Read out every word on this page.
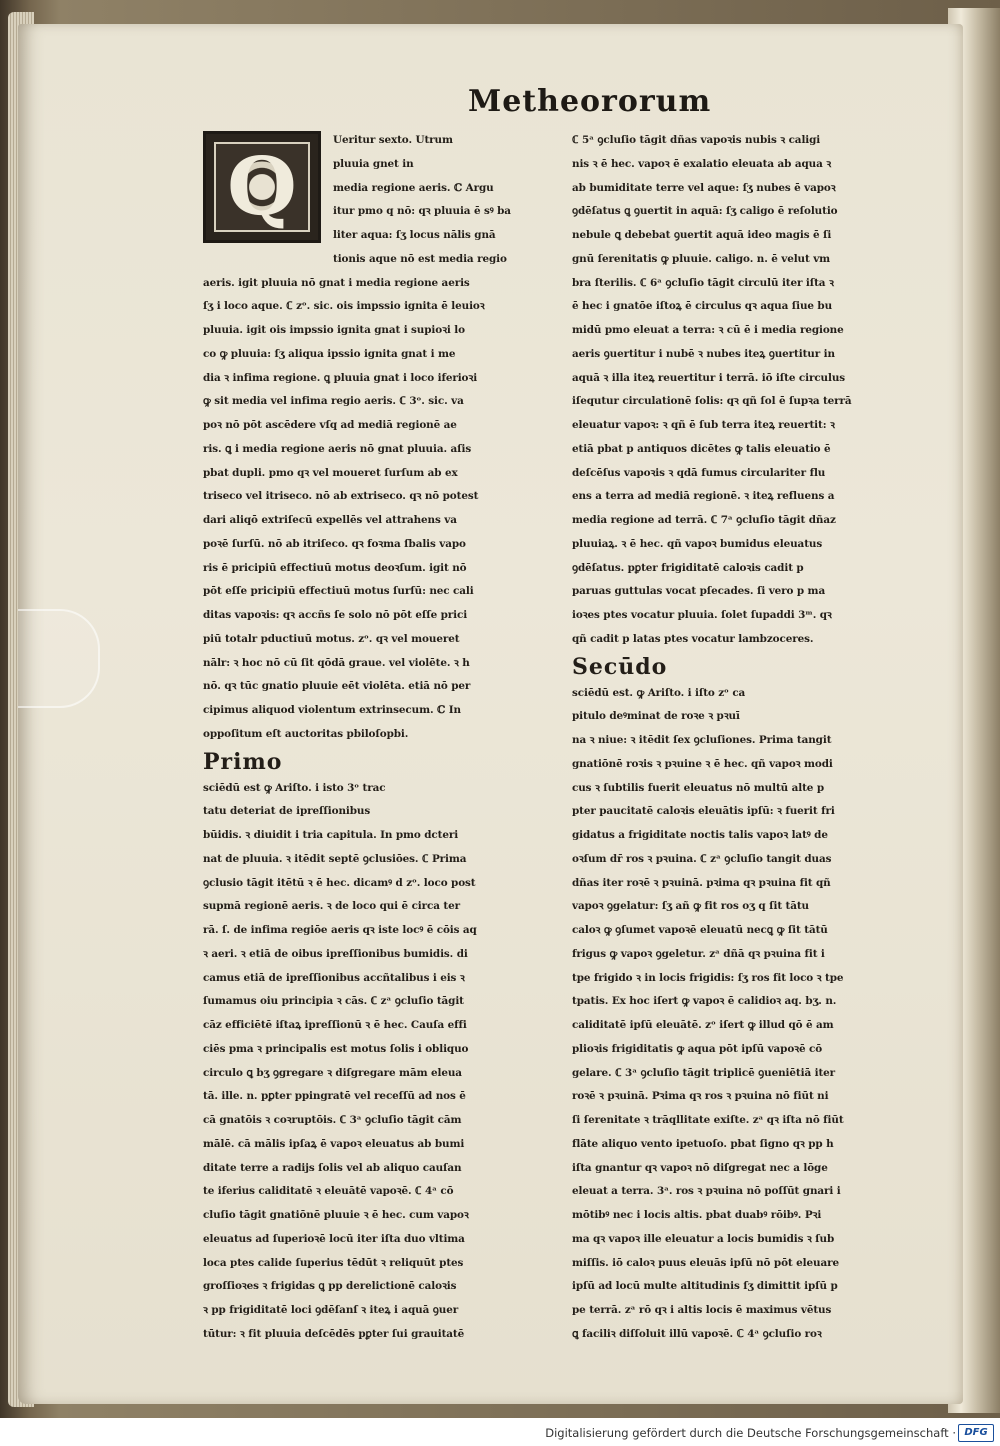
Metheororum
Q	Ueritur sexto. Utrum
pluuia gnet in
media regione aeris. ℂ Argu
itur pmo q nō: qꝛ pluuia ē sꝰ ba
liter aqua: ſʒ locus nālis gnā
tionis aque nō est media regio
aeris. igit pluuia nō gnat i media regione aeris
ſʒ i loco aque. ℂ zᵒ. sic. ois impssio ignita ē leuioꝛ
pluuia. igit ois impssio ignita gnat i supioꝛi lo
co ꝙ pluuia: ſʒ aliqua ipssio ignita gnat i me
dia ꝛ infima regione. ꝗ pluuia gnat i loco iferioꝛi
ꝙ sit media vel infima regio aeris. ℂ 3ᵒ. sic. va
poꝛ nō pōt ascēdere vſq ad mediā regionē ae
ris. ꝗ i media regione aeris nō gnat pluuia. aſis
pbat dupli. pmo qꝛ vel moueret ſurſum ab ex
triseco vel itriseco. nō ab extriseco. qꝛ nō potest
dari aliqō extriſecū expellēs vel attrahens va
poꝛē ſurſū. nō ab itriſeco. qꝛ foꝛma ſbalis vapo
ris ē pricipiū effectiuū motus deoꝛſum. igit nō
pōt eſſe pricipiū effectiuū motus ſurſū: nec cali
ditas vapoꝛis: qꝛ accñs ſe solo nō pōt eſſe prici
piū totalr pductiuū motus. zᵒ. qꝛ vel moueret
nālr: ꝛ hoc nō cū ſit qōdā graue. vel violēte. ꝛ h
nō. qꝛ tūc gnatio pluuie eēt violēta. etiā nō per
cipimus aliquod violentum extrinsecum. ℂ In
oppoſitum eſt auctoritas pbiloſopbi.
Primo
sciēdū est ꝙ Ariſto. i isto 3ᵒ trac
tatu deteriat de ipreſſionibus
būidis. ꝛ diuidit i tria capitula. In pmo dcteri
nat de pluuia. ꝛ itēdit septē ꝯclusiōes. ℂ Prima
ꝯclusio tāgit itētū ꝛ ē hec. dicamꝰ d zᵒ. loco post
supmā regionē aeris. ꝛ de loco qui ē circa ter
rā. ſ. de infima regiōe aeris qꝛ iste locꝰ ē cōis aq
ꝛ aeri. ꝛ etiā de oibus ipreſſionibus bumidis. di
camus etiā de ipreſſionibus accñtalibus i eis ꝛ
ſumamus oiu principia ꝛ cās. ℂ zᵃ ꝯcluſio tāgit
cāz efficiētē iſtaꝝ ipreſſionū ꝛ ē hec. Cauſa effi
ciēs pma ꝛ principalis est motus ſolis i obliquo
circulo ꝗ bʒ ꝯgregare ꝛ diſgregare mām eleua
tā. ille. n. pꝑter ppingratē vel receſſū ad nos ē
cā gnatōis ꝛ coꝛruptōis. ℂ 3ᵃ ꝯcluſio tāgit cām
mālē. cā mālis ipſaꝝ ē vapoꝛ eleuatus ab bumi
ditate terre a radijs ſolis vel ab aliquo cauſan
te iferius caliditatē ꝛ eleuātē vapoꝛē. ℂ 4ᵃ cō
cluſio tāgit gnatiōnē pluuie ꝛ ē hec. cum vapoꝛ
eleuatus ad ſuperioꝛē locū iter iſta duo vltima
loca ptes calide ſuperius tēdūt ꝛ reliquūt ptes
groſſioꝛes ꝛ frigidas ꝗ pp derelictionē caloꝛis
ꝛ pp frigiditatē loci ꝯdēſanſ ꝛ iteꝝ i aquā ꝯuer
tūtur: ꝛ fit pluuia deſcēdēs pꝑter ſui grauitatē
ℂ 5ᵃ ꝯcluſio tāgit dñas vapoꝛis nubis ꝛ caligi
nis ꝛ ē hec. vapoꝛ ē exalatio eleuata ab aqua ꝛ
ab bumiditate terre vel aque: ſʒ nubes ē vapoꝛ
ꝯdēſatus ꝗ ꝯuertit in aquā: ſʒ caligo ē reſolutio
nebule ꝗ debebat ꝯuertit aquā ideo magis ē ſi
gnū ſerenitatis ꝙ pluuie. caligo. n. ē velut vm
bra ſterilis. ℂ 6ᵃ ꝯcluſio tāgit circulū iter iſta ꝛ
ē hec i gnatōe iſtoꝝ ē circulus qꝛ aqua ſiue bu
midū pmo eleuat a terra: ꝛ cū ē i media regione
aeris ꝯuertitur i nubē ꝛ nubes iteꝝ ꝯuertitur in
aquā ꝛ illa iteꝝ reuertitur i terrā. iō iſte circulus
iſequtur circulationē ſolis: qꝛ qñ ſol ē ſupꝛa terrā
eleuatur vapoꝛ: ꝛ qñ ē ſub terra iteꝝ reuertit: ꝛ
etiā pbat p antiquos dicētes ꝙ talis eleuatio ē
deſcēſus vapoꝛis ꝛ qdā fumus circulariter flu
ens a terra ad mediā regionē. ꝛ iteꝝ refluens a
media regione ad terrā. ℂ 7ᵃ ꝯcluſio tāgit dñaz
pluuiaꝝ. ꝛ ē hec. qñ vapoꝛ bumidus eleuatus
ꝯdēſatus. pꝑter frigiditatē caloꝛis cadit p
paruas guttulas vocat pſecades. ſi vero p ma
ioꝛes ptes vocatur pluuia. ſolet ſupaddi 3ᵐ. qꝛ
qñ cadit p latas ptes vocatur lambzoceres.
Secūdo
sciēdū est. ꝙ Ariſto. i iſto zᵒ ca
pitulo deꝰminat de roꝛe ꝛ pꝛuī
na ꝛ niue: ꝛ itēdit ſex ꝯcluſiones. Prima tangit
gnatiōnē roꝛis ꝛ pꝛuine ꝛ ē hec. qñ vapoꝛ modi
cus ꝛ ſubtilis fuerit eleuatus nō multū alte p
pter paucitatē caloꝛis eleuātis ipſū: ꝛ fuerit fri
gidatus a frigiditate noctis talis vapoꝛ latꝰ de
oꝛſum dr̄ ros ꝛ pꝛuina. ℂ zᵃ ꝯcluſio tangit duas
dñas iter roꝛē ꝛ pꝛuinā. pꝛima qꝛ pꝛuina fit qñ
vapoꝛ ꝯgelatur: ſʒ añ ꝙ fit ros oʒ q ſit tātu
caloꝛ ꝙ ꝯſumet vapoꝛē eleuatū necꝗ ꝙ ſit tātū
frigus ꝙ vapoꝛ ꝯgeletur. zᵃ dñā qꝛ pꝛuina fit i
tpe frigido ꝛ in locis frigidis: ſʒ ros fit loco ꝛ tpe
tpatis. Ex hoc iſert ꝙ vapoꝛ ē calidioꝛ aq. bʒ. n.
caliditatē ipſū eleuātē. zᵒ iſert ꝙ illud qō ē am
plioꝛis frigiditatis ꝙ aqua pōt ipſū vapoꝛē cō
gelare. ℂ 3ᵃ ꝯcluſio tāgit triplicē ꝯueniētiā iter
roꝛē ꝛ pꝛuinā. Pꝛima qꝛ ros ꝛ pꝛuina nō fiūt ni
ſi ſerenitate ꝛ trāqllitate exiſte. zᵃ qꝛ iſta nō fiūt
flāte aliquo vento ipetuoſo. pbat ſigno qꝛ pp h
iſta gnantur qꝛ vapoꝛ nō diſgregat nec a lōge
eleuat a terra. 3ᵃ. ros ꝛ pꝛuina nō poſſūt gnari i
mōtibꝰ nec i locis altis. pbat duabꝰ rōibꝰ. Pꝛi
ma qꝛ vapoꝛ ille eleuatur a locis bumidis ꝛ ſub
miſſis. iō caloꝛ puus eleuās ipſū nō pōt eleuare
ipſū ad locū multe altitudinis ſʒ dimittit ipſū p
pe terrā. zᵃ rō qꝛ i altis locis ē maximus vētus
ꝗ faciliꝛ diſſoluit illū vapoꝛē. ℂ 4ᵃ ꝯcluſio roꝛ
Digitalisierung gefördert durch die Deutsche Forschungsgemeinschaft · DFG
